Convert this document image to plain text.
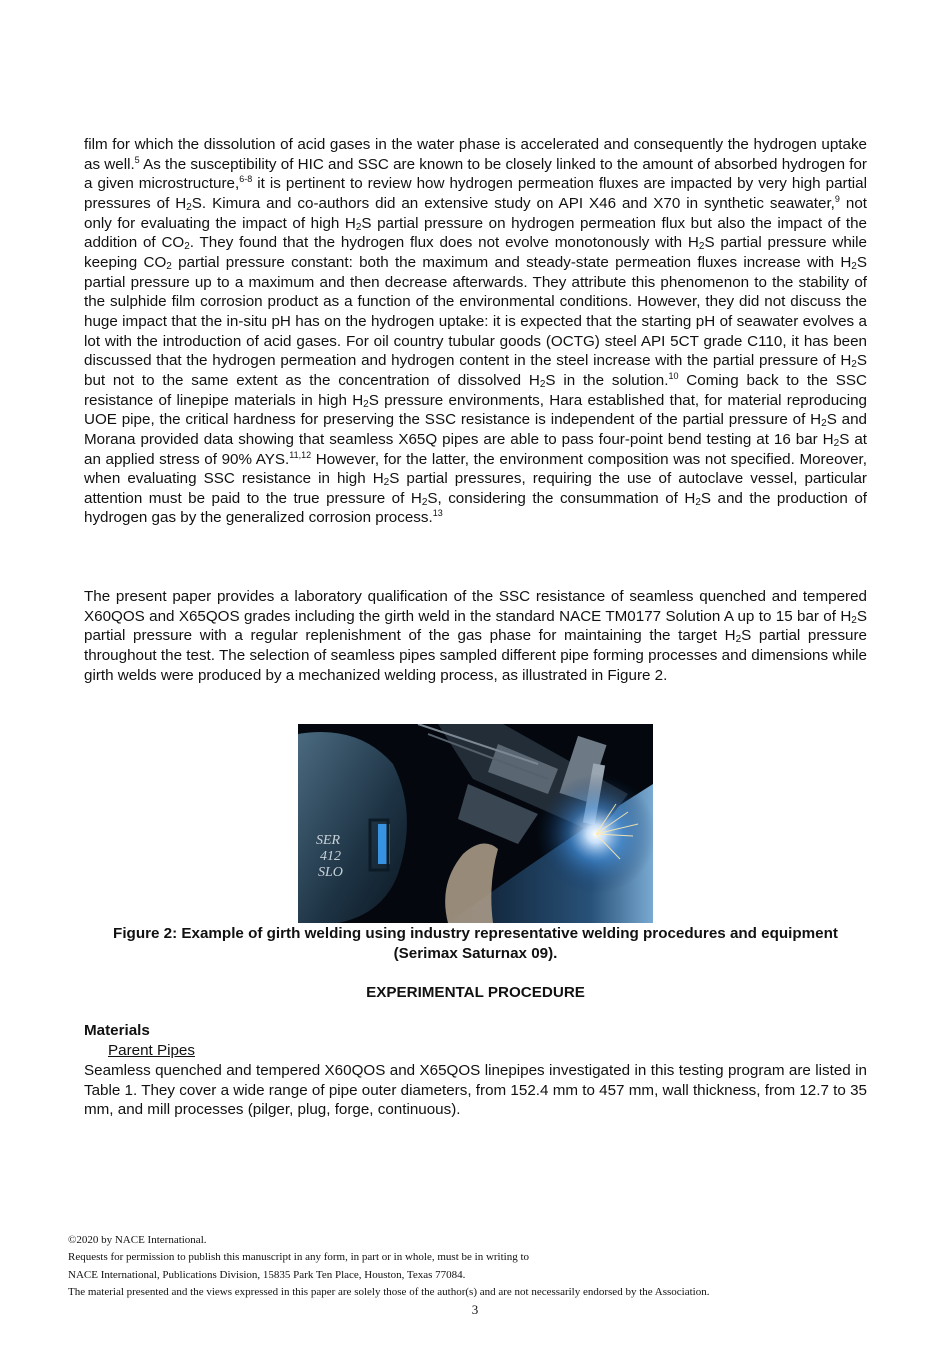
film for which the dissolution of acid gases in the water phase is accelerated and consequently the hydrogen uptake as well.$^5$ As the susceptibility of HIC and SSC are known to be closely linked to the amount of absorbed hydrogen for a given microstructure,$^{6-8}$ it is pertinent to review how hydrogen permeation fluxes are impacted by very high partial pressures of $H_2S$. Kimura and co-authors did an extensive study on API X46 and X70 in synthetic seawater,$^9$ not only for evaluating the impact of high $H_2S$ partial pressure on hydrogen permeation flux but also the impact of the addition of $CO_2$. They found that the hydrogen flux does not evolve monotonously with $H_2S$ partial pressure while keeping $CO_2$ partial pressure constant: both the maximum and steady-state permeation fluxes increase with $H_2S$ partial pressure up to a maximum and then decrease afterwards. They attribute this phenomenon to the stability of the sulphide film corrosion product as a function of the environmental conditions. However, they did not discuss the huge impact that the in-situ pH has on the hydrogen uptake: it is expected that the starting pH of seawater evolves a lot with the introduction of acid gases. For oil country tubular goods (OCTG) steel API 5CT grade C110, it has been discussed that the hydrogen permeation and hydrogen content in the steel increase with the partial pressure of $H_2S$ but not to the same extent as the concentration of dissolved $H_2S$ in the solution.$^{10}$ Coming back to the SSC resistance of linepipe materials in high $H_2S$ pressure environments, Hara established that, for material reproducing UOE pipe, the critical hardness for preserving the SSC resistance is independent of the partial pressure of $H_2S$ and Morana provided data showing that seamless X65Q pipes are able to pass four-point bend testing at 16 bar $H_2S$ at an applied stress of 90% AYS.$^{11,12}$ However, for the latter, the environment composition was not specified. Moreover, when evaluating SSC resistance in high $H_2S$ partial pressures, requiring the use of autoclave vessel, particular attention must be paid to the true pressure of $H_2S$, considering the consummation of $H_2S$ and the production of hydrogen gas by the generalized corrosion process.$^{13}$

The present paper provides a laboratory qualification of the SSC resistance of seamless quenched and tempered X60QOS and X65QOS grades including the girth weld in the standard NACE TM0177 Solution A up to 15 bar of $H_2S$ partial pressure with a regular replenishment of the gas phase for maintaining the target $H_2S$ partial pressure throughout the test. The selection of seamless pipes sampled different pipe forming processes and dimensions while girth welds were produced by a mechanized welding process, as illustrated in Figure 2.

SER
412
SLO
Figure 2: Example of girth welding using industry representative welding procedures and equipment (Serimax Saturnax 09).
EXPERIMENTAL PROCEDURE
Materials
Parent Pipes

Seamless quenched and tempered X60QOS and X65QOS linepipes investigated in this testing program are listed in Table 1. They cover a wide range of pipe outer diameters, from 152.4 mm to 457 mm, wall thickness, from 12.7 to 35 mm, and mill processes (pilger, plug, forge, continuous).

©2020 by NACE International.
Requests for permission to publish this manuscript in any form, in part or in whole, must be in writing to
NACE International, Publications Division, 15835 Park Ten Place, Houston, Texas 77084.
The material presented and the views expressed in this paper are solely those of the author(s) and are not necessarily endorsed by the Association.
3
